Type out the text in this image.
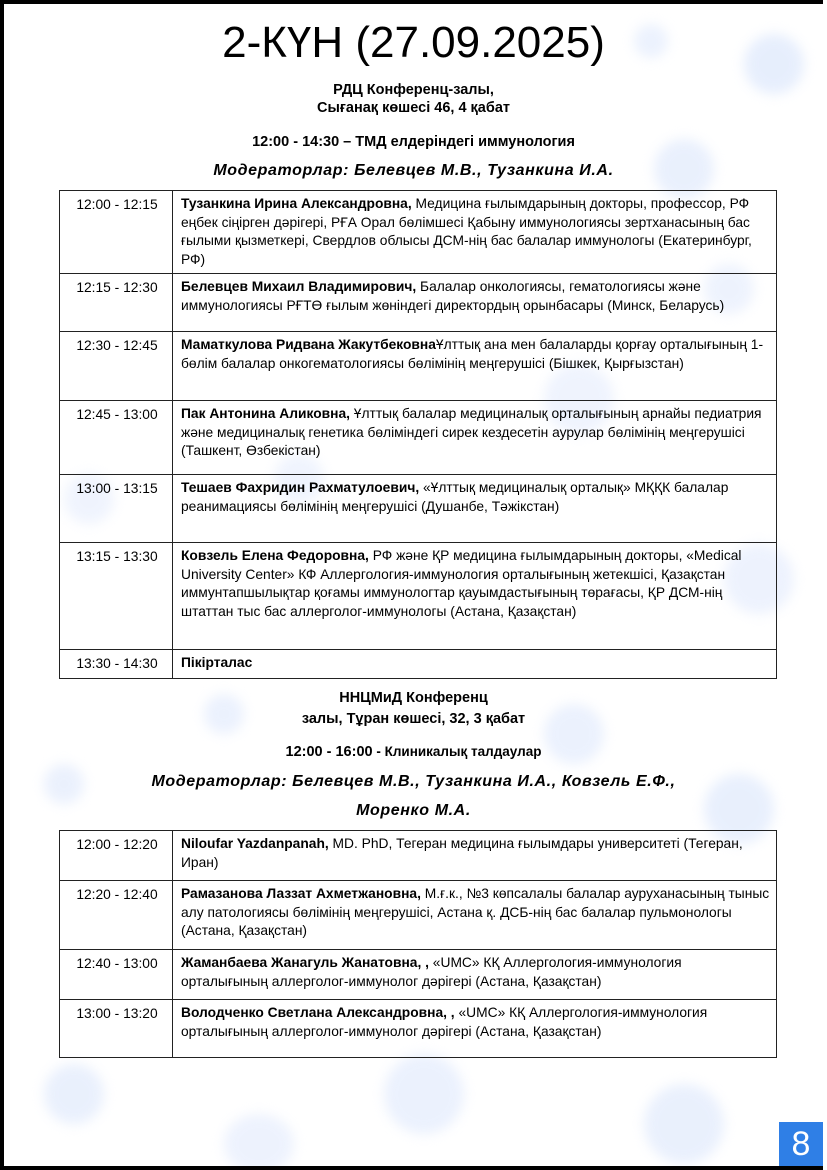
2-КҮН (27.09.2025)
РДЦ Конференц-залы,
Сығанақ көшесі 46, 4 қабат
12:00 - 14:30 – ТМД елдеріндегі иммунология
Модераторлар: Белевцев М.В., Тузанкина И.А.
12:00 - 12:15	Тузанкина Ирина Александровна, Медицина ғылымдарының докторы, профессор, РФ еңбек сіңірген дәрігері, РҒА Орал бөлімшесі Қабыну иммунологиясы зертханасының бас ғылыми қызметкері, Свердлов облысы ДСМ-нің бас балалар иммунологы (Екатеринбург, РФ)
12:15 - 12:30	Белевцев Михаил Владимирович, Балалар онкологиясы, гематологиясы және иммунологиясы РҒТӨ ғылым жөніндегі директордың орынбасары (Минск, Беларусь)
12:30 - 12:45	Маматкулова Ридвана ЖакутбековнаҰлттық ана мен балаларды қорғау орталығының 1-бөлім балалар онкогематологиясы бөлімінің меңгерушісі (Бішкек, Қырғызстан)
12:45 - 13:00	Пак Антонина Аликовна, Ұлттық балалар медициналық орталығының арнайы педиатрия және медициналық генетика бөліміндегі сирек кездесетін аурулар бөлімінің меңгерушісі (Ташкент, Өзбекістан)
13:00 - 13:15	Тешаев Фахридин Рахматулоевич, «Ұлттық медициналық орталық» МҚҚК балалар реанимациясы бөлімінің меңгерушісі (Душанбе, Тәжікстан)
13:15 - 13:30	Ковзель Елена Федоровна, РФ және ҚР медицина ғылымдарының докторы, «Medical University Center» КФ Аллергология-иммунология орталығының жетекшісі, Қазақстан иммунтапшылықтар қоғамы иммунологтар қауымдастығының төрағасы, ҚР ДСМ-нің штаттан тыс бас аллерголог-иммунологы (Астана, Қазақстан)
13:30 - 14:30	Пікірталас
ННЦМиД Конференц
залы, Тұран көшесі, 32, 3 қабат
12:00 - 16:00 - Клиникалық талдаулар
Модераторлар: Белевцев М.В., Тузанкина И.А., Ковзель Е.Ф.,
Моренко М.А.
12:00 - 12:20	Niloufar Yazdanpanah, MD. PhD, Тегеран медицина ғылымдары университеті (Тегеран, Иран)
12:20 - 12:40	Рамазанова Лаззат Ахметжановна, М.ғ.к., №3 көпсалалы балалар ауруханасының тыныс алу патологиясы бөлімінің меңгерушісі, Астана қ. ДСБ-нің бас балалар пульмонологы (Астана, Қазақстан)
12:40 - 13:00	Жаманбаева Жанагуль Жанатовна, , «UMC» КҚ Аллергология-иммунология орталығының аллерголог-иммунолог дәрігері (Астана, Қазақстан)
13:00 - 13:20	Володченко Светлана Александровна, , «UMC» КҚ Аллергология-иммунология орталығының аллерголог-иммунолог дәрігері (Астана, Қазақстан)
8
